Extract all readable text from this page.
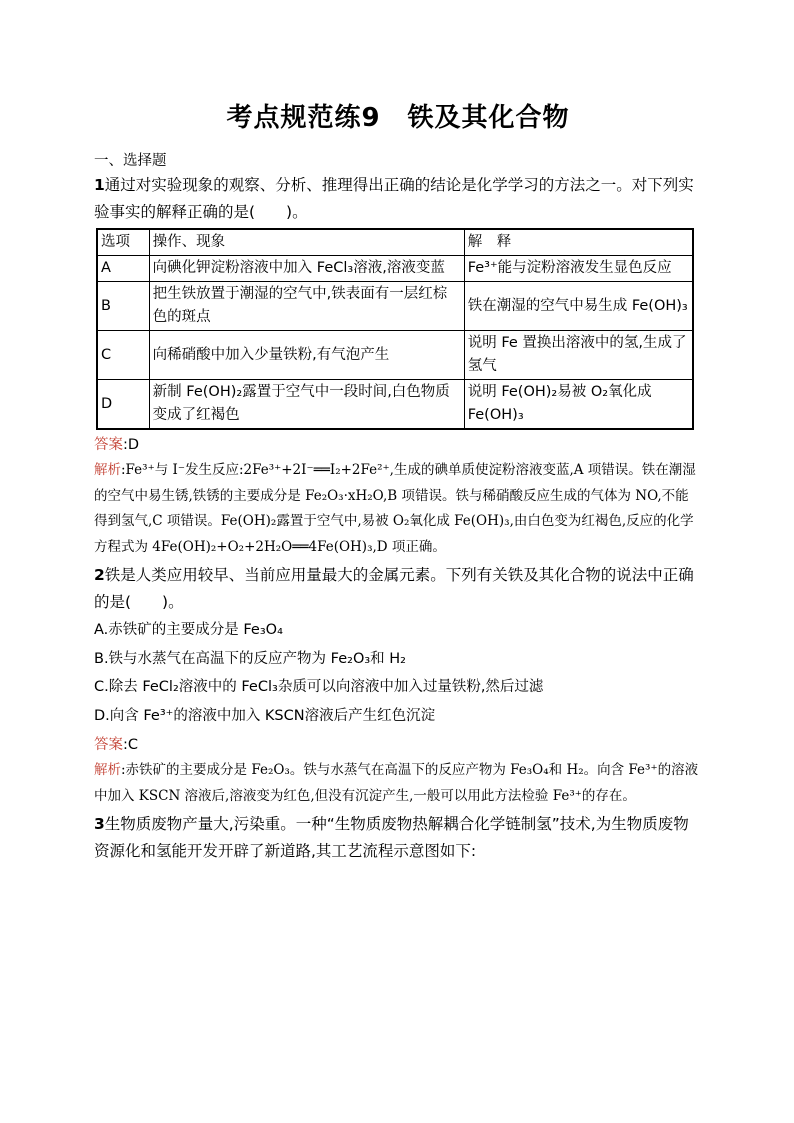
考点规范练9　铁及其化合物
一、选择题
1通过对实验现象的观察、分析、推理得出正确的结论是化学学习的方法之一。对下列实验事实的解释正确的是(　　)。
选项	操作、现象	解　释
A	向碘化钾淀粉溶液中加入 FeCl₃溶液,溶液变蓝	Fe³⁺能与淀粉溶液发生显色反应
B	把生铁放置于潮湿的空气中,铁表面有一层红棕色的斑点	铁在潮湿的空气中易生成 Fe(OH)₃
C	向稀硝酸中加入少量铁粉,有气泡产生	说明 Fe 置换出溶液中的氢,生成了氢气
D	新制 Fe(OH)₂露置于空气中一段时间,白色物质变成了红褐色	说明 Fe(OH)₂易被 O₂氧化成 Fe(OH)₃
答案:D
解析:Fe³⁺与 I⁻发生反应:2Fe³⁺+2I⁻══I₂+2Fe²⁺,生成的碘单质使淀粉溶液变蓝,A 项错误。铁在潮湿的空气中易生锈,铁锈的主要成分是 Fe₂O₃·xH₂O,B 项错误。铁与稀硝酸反应生成的气体为 NO,不能得到氢气,C 项错误。Fe(OH)₂露置于空气中,易被 O₂氧化成 Fe(OH)₃,由白色变为红褐色,反应的化学方程式为 4Fe(OH)₂+O₂+2H₂O══4Fe(OH)₃,D 项正确。
2铁是人类应用较早、当前应用量最大的金属元素。下列有关铁及其化合物的说法中正确的是(　　)。
A.赤铁矿的主要成分是 Fe₃O₄
B.铁与水蒸气在高温下的反应产物为 Fe₂O₃和 H₂
C.除去 FeCl₂溶液中的 FeCl₃杂质可以向溶液中加入过量铁粉,然后过滤
D.向含 Fe³⁺的溶液中加入 KSCN溶液后产生红色沉淀
答案:C
解析:赤铁矿的主要成分是 Fe₂O₃。铁与水蒸气在高温下的反应产物为 Fe₃O₄和 H₂。向含 Fe³⁺的溶液中加入 KSCN 溶液后,溶液变为红色,但没有沉淀产生,一般可以用此方法检验 Fe³⁺的存在。
3生物质废物产量大,污染重。一种“生物质废物热解耦合化学链制氢”技术,为生物质废物资源化和氢能开发开辟了新道路,其工艺流程示意图如下:
